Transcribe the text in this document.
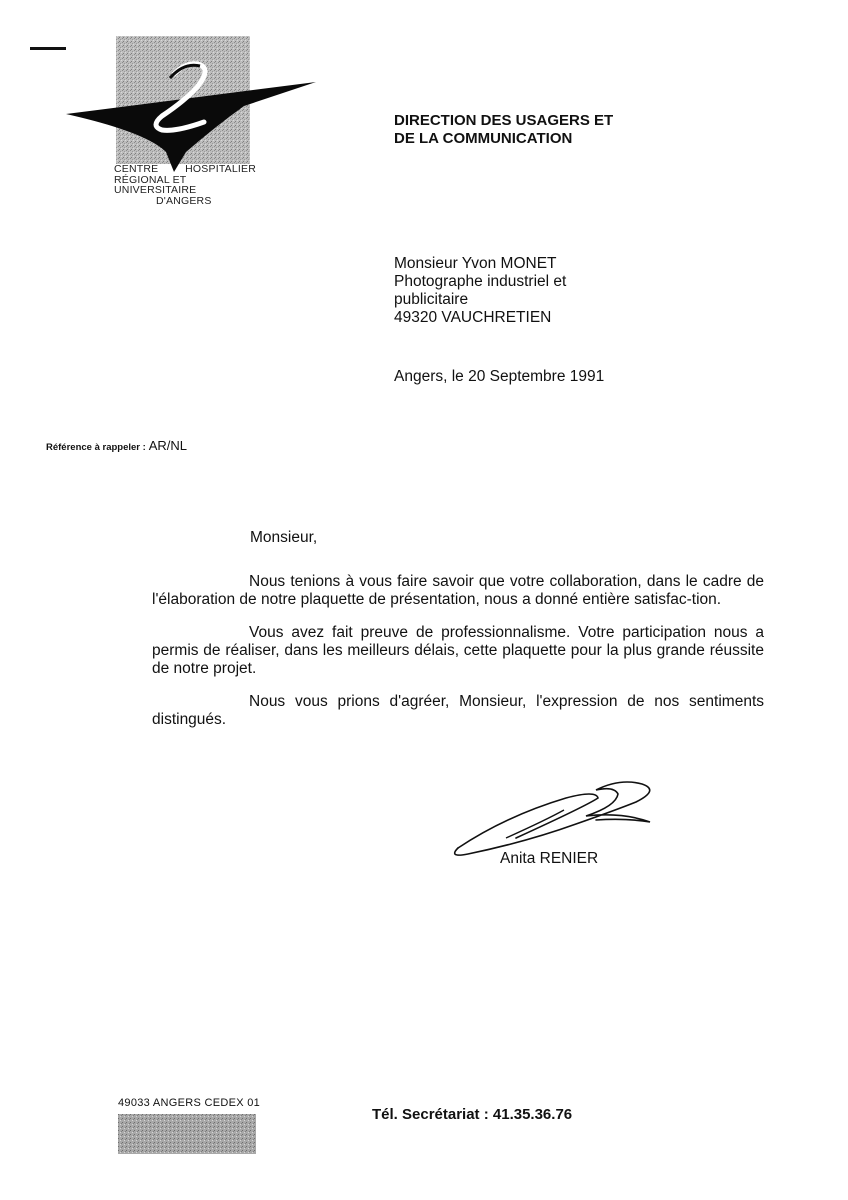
CENTRE	HOSPITALIER
RÉGIONAL ET UNIVERSITAIRE
D'ANGERS
DIRECTION DES USAGERS ET
DE LA COMMUNICATION
Monsieur Yvon MONET
Photographe industriel et
publicitaire
49320 VAUCHRETIEN
Angers, le 20 Septembre 1991
Référence à rappeler : AR/NL
Monsieur,

Nous tenions à vous faire savoir que votre collaboration, dans le cadre de l'élaboration de notre plaquette de présentation, nous a donné entière satisfac-tion.

Vous avez fait preuve de professionnalisme. Votre participation nous a permis de réaliser, dans les meilleurs délais, cette plaquette pour la plus grande réussite de notre projet.

Nous vous prions d'agréer, Monsieur, l'expression de nos sentiments distingués.

Anita RENIER
49033 ANGERS CEDEX 01
Tél. Secrétariat : 41.35.36.76
